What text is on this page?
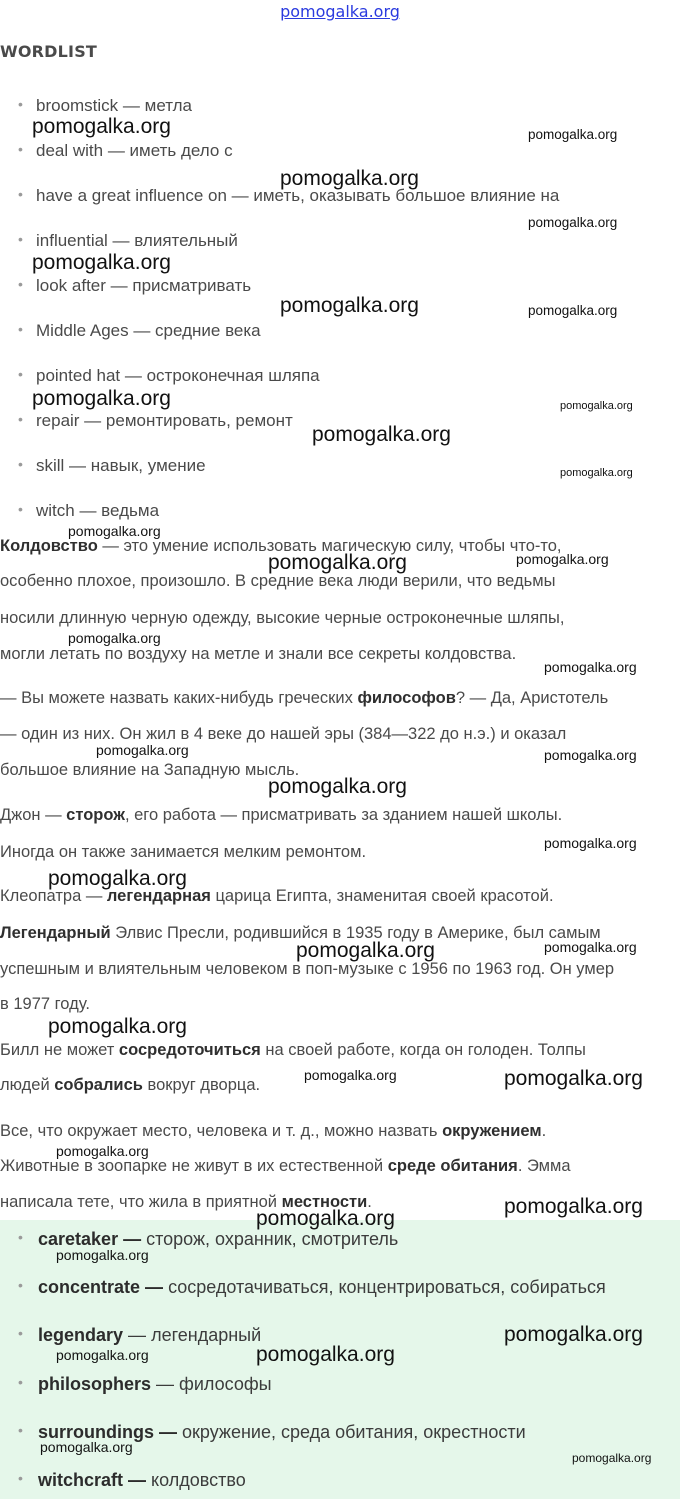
pomogalka.org
WORDLIST
• broomstick — метла
• deal with — иметь дело с
• have a great influence on — иметь, оказывать большое влияние на
• influential — влиятельный
• look after — присматривать
• Middle Ages — средние века
• pointed hat — остроконечная шляпа
• repair — ремонтировать, ремонт
• skill — навык, умение
• witch — ведьма
Колдовство — это умение использовать магическую силу, чтобы что-то,
особенно плохое, произошло. В средние века люди верили, что ведьмы
носили длинную черную одежду, высокие черные остроконечные шляпы,
могли летать по воздуху на метле и знали все секреты колдовства.
— Вы можете назвать каких-нибудь греческих философов? — Да, Аристотель
— один из них. Он жил в 4 веке до нашей эры (384—322 до н.э.) и оказал
большое влияние на Западную мысль.
Джон — сторож, его работа — присматривать за зданием нашей школы.
Иногда он также занимается мелким ремонтом.
Клеопатра — легендарная царица Египта, знаменитая своей красотой.
Легендарный Элвис Пресли, родившийся в 1935 году в Америке, был самым
успешным и влиятельным человеком в поп-музыке с 1956 по 1963 год. Он умер
в 1977 году.
Билл не может сосредоточиться на своей работе, когда он голоден. Толпы
людей собрались вокруг дворца.
Все, что окружает место, человека и т. д., можно назвать окружением.
Животные в зоопарке не живут в их естественной среде обитания. Эмма
написала тете, что жила в приятной местности.
• caretaker — сторож, охранник, смотритель
• concentrate — сосредотачиваться, концентрироваться, собираться
• legendary — легендарный
• philosophers — философы
• surroundings — окружение, среда обитания, окрестности
• witchcraft — колдовство
pomogalka.org	pomogalka.org
pomogalka.org
pomogalka.org
pomogalka.org
pomogalka.org	pomogalka.org
pomogalka.org	pomogalka.org
pomogalka.org
pomogalka.org
pomogalka.org
pomogalka.org
pomogalka.org
pomogalka.org
pomogalka.org
pomogalka.org	pomogalka.org
pomogalka.org
pomogalka.org
pomogalka.org
pomogalka.org
pomogalka.org
pomogalka.org
pomogalka.org	pomogalka.org
pomogalka.org
pomogalka.org
pomogalka.org
pomogalka.org
pomogalka.org
pomogalka.org	pomogalka.org
pomogalka.org
pomogalka.org
